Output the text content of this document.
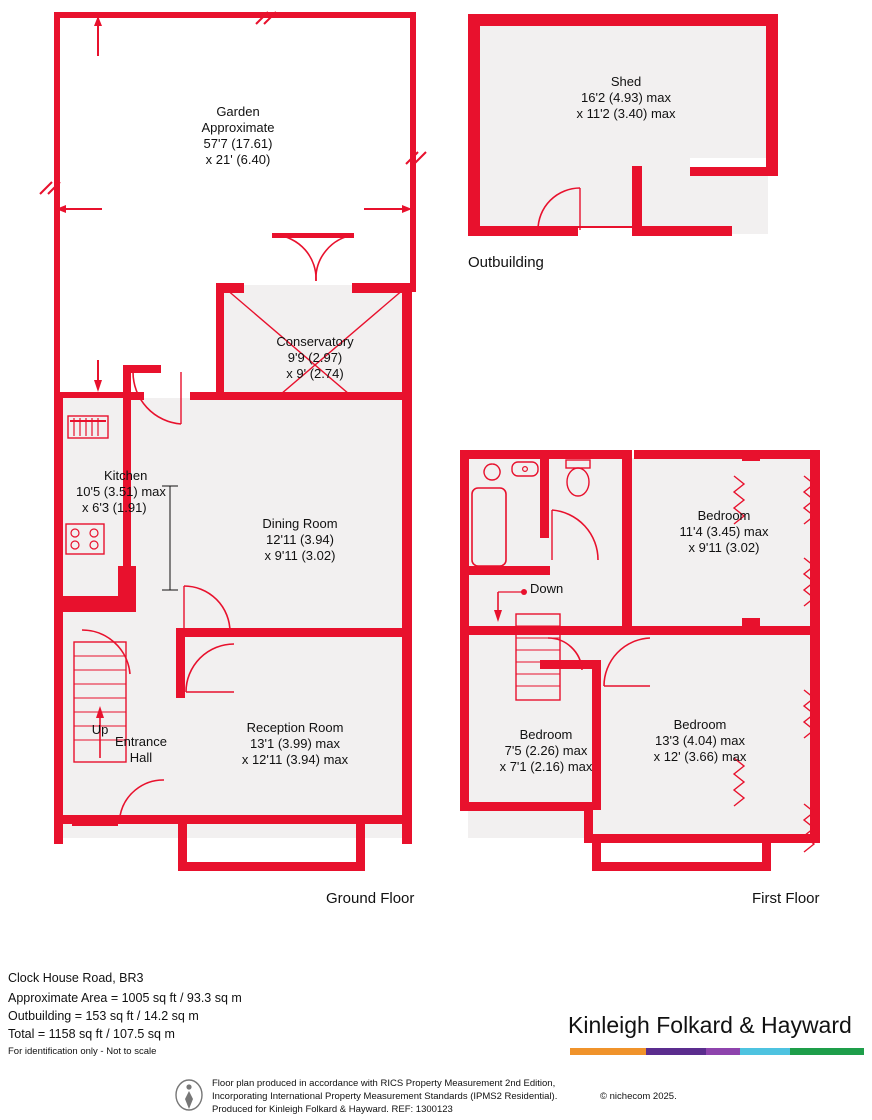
Garden
Approximate
57'7 (17.61)
x 21' (6.40)
Conservatory
9'9 (2.97)
x 9' (2.74)
Kitchen
10'5 (3.51) max
x 6'3 (1.91)
Dining Room
12'11 (3.94)
x 9'11 (3.02)
Up
Entrance
Hall
Reception Room
13'1 (3.99) max
x 12'11 (3.94) max
Ground Floor
Shed
16'2 (4.93) max
x 11'2 (3.40) max
Outbuilding
Down
Bedroom
11'4 (3.45) max
x 9'11 (3.02)
Bedroom
13'3 (4.04) max
x 12' (3.66) max
Bedroom
7'5 (2.26) max
x 7'1 (2.16) max
First Floor
Clock House Road, BR3
Approximate Area = 1005 sq ft / 93.3 sq m
Outbuilding = 153 sq ft / 14.2 sq m
Total = 1158 sq ft / 107.5 sq m
For identification only - Not to scale
Kinleigh Folkard & Hayward
Floor plan produced in accordance with RICS Property Measurement 2nd Edition,
Incorporating International Property Measurement Standards (IPMS2 Residential).	© nichecom 2025.
Produced for Kinleigh Folkard & Hayward. REF: 1300123
